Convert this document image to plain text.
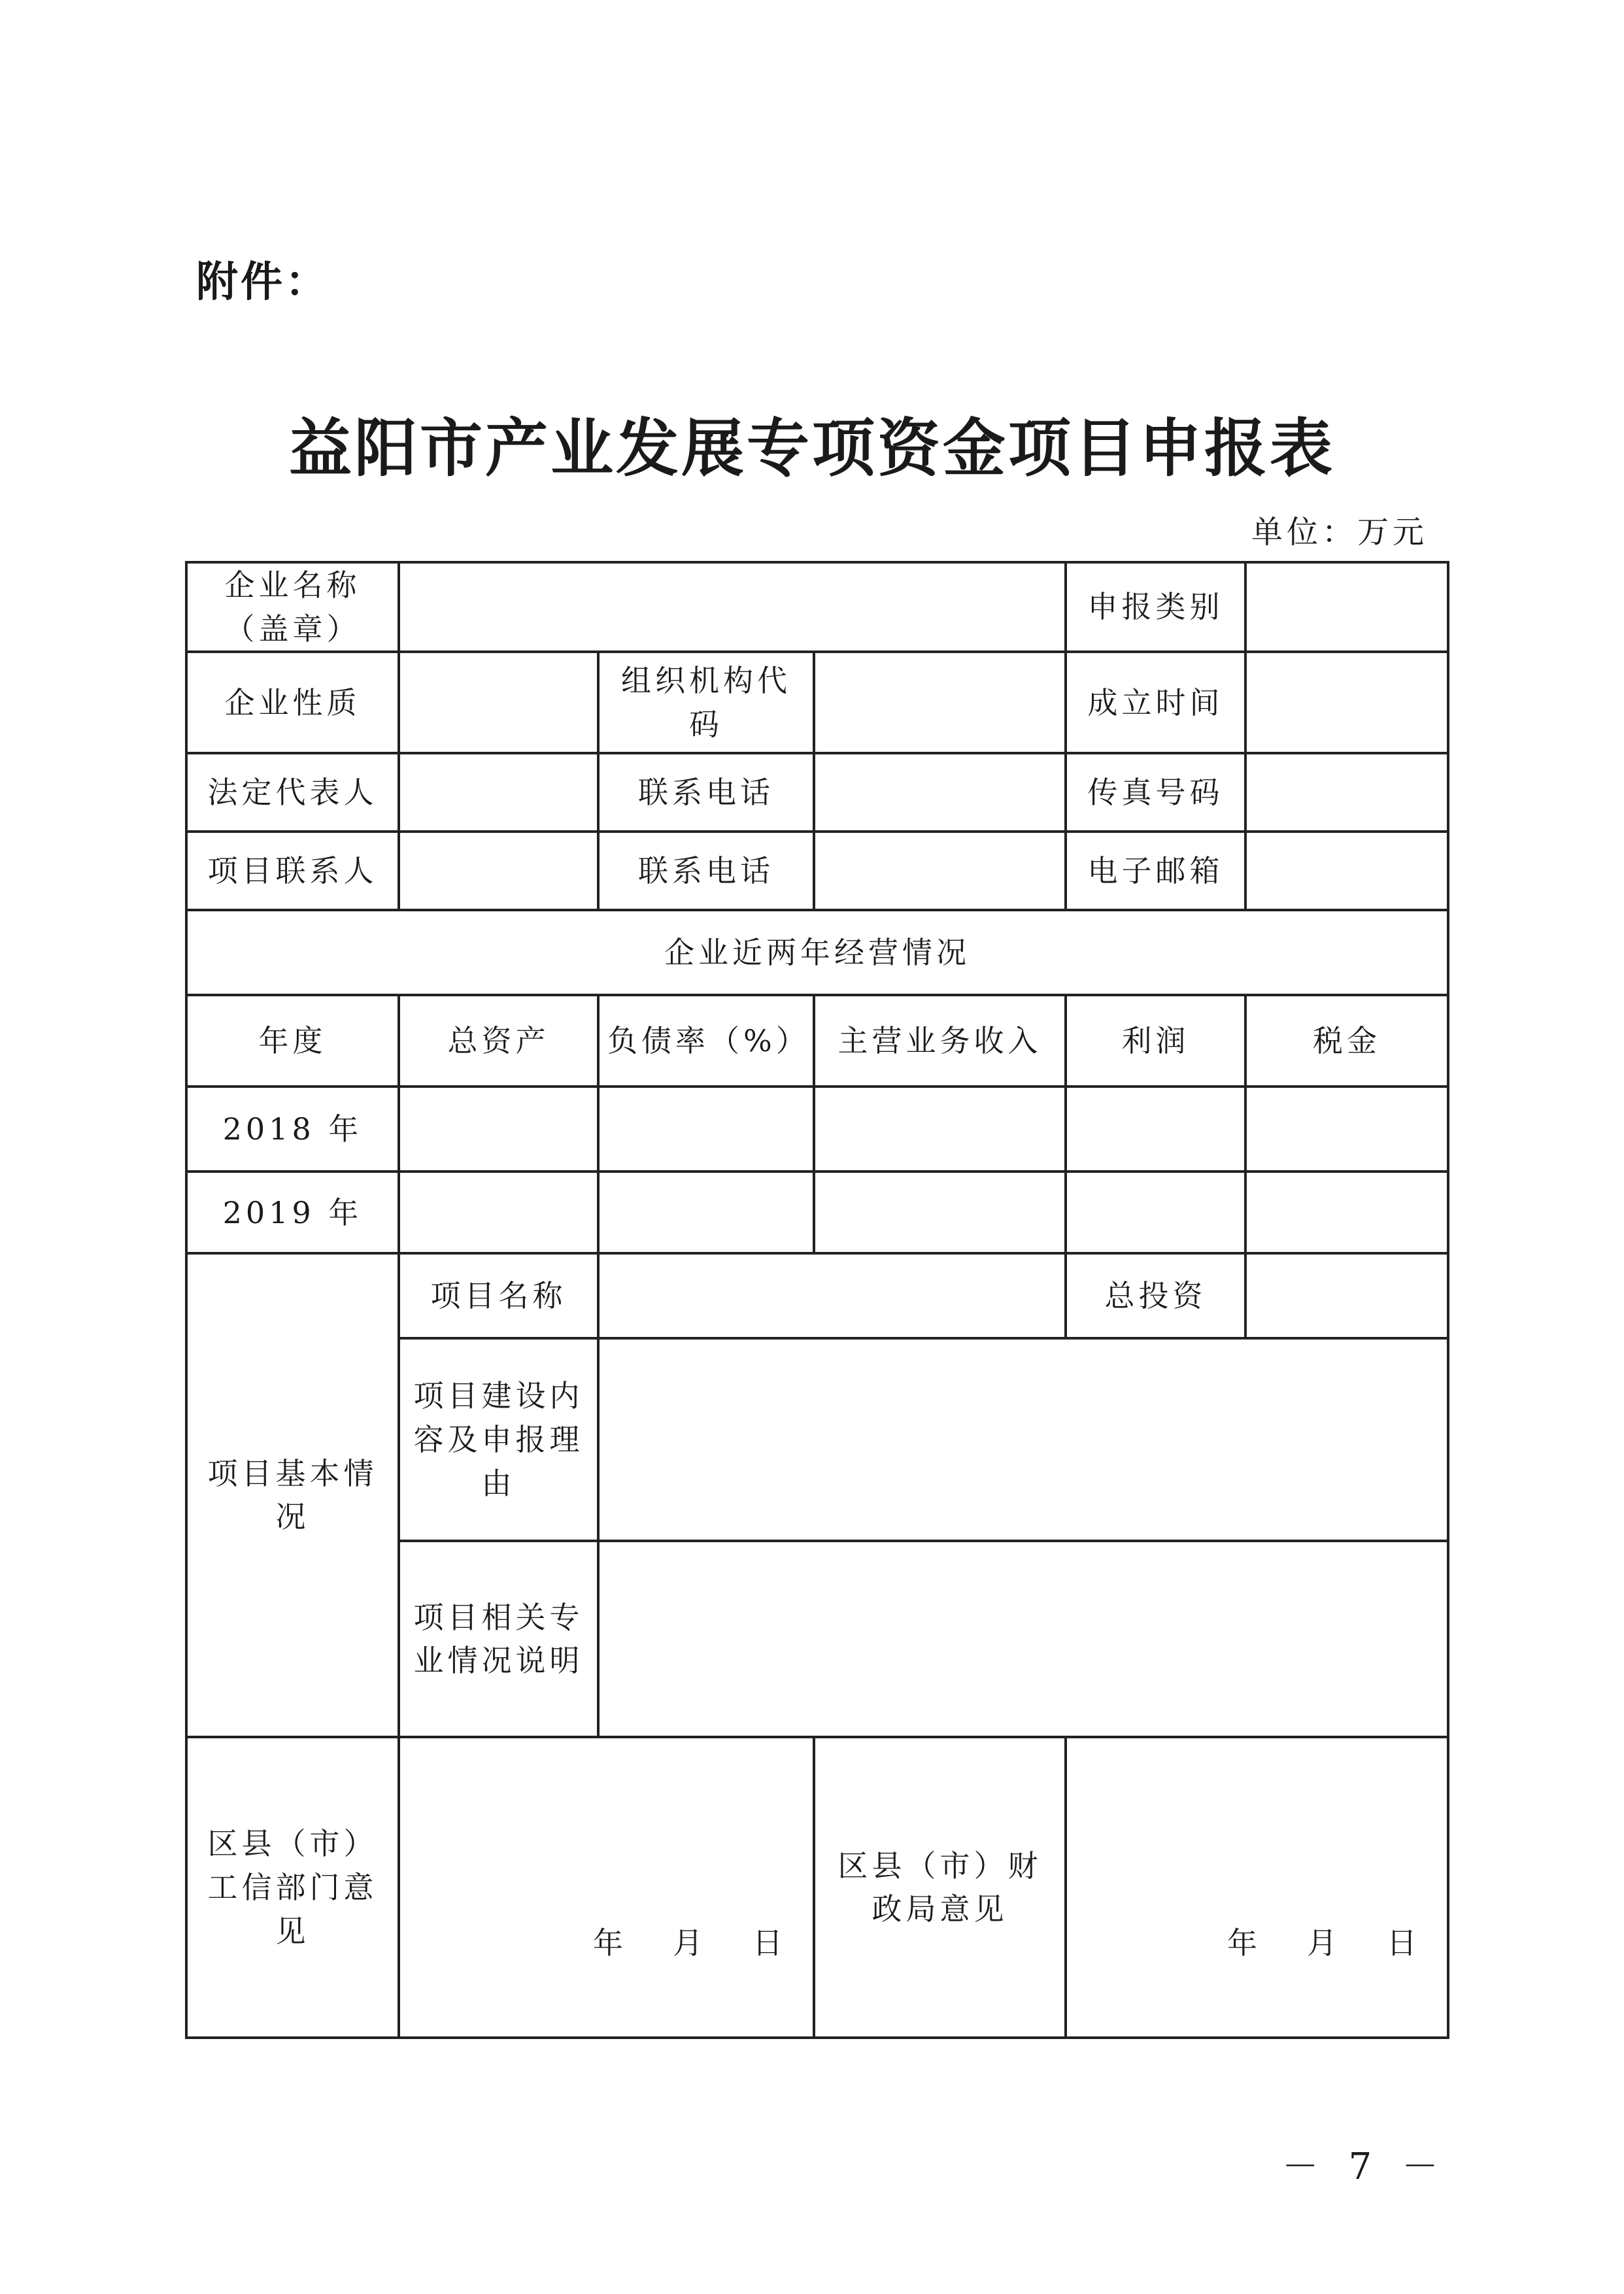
附件：
益阳市产业发展专项资金项目申报表
单位：万元
企业名称（盖章）				申报类别	
企业性质		组织机构代码		成立时间	
法定代表人		联系电话		传真号码	
项目联系人		联系电话		电子邮箱	
企业近两年经营情况					
年度	总资产	负债率（%）	主营业务收入	利润	税金
2018 年					
2019 年					
项目基本情况	项目名称			总投资	
	项目建设内容及申报理由				
	项目相关专业情况说明				
区县（市）工信部门意见	年 月 日		区县（市）财政局意见	年 月 日	
－ 7 －
